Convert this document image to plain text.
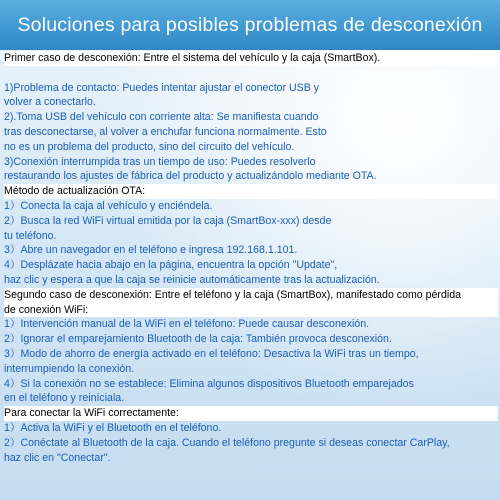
Soluciones para posibles problemas de desconexión
Primer caso de desconexión: Entre el sistema del vehículo y la caja (SmartBox).
1)Problema de contacto: Puedes intentar ajustar el conector USB y
volver a conectarlo.
2).Toma USB del vehículo con corriente alta: Se manifiesta cuando
tras desconectarse, al volver a enchufar funciona normalmente. Esto
no es un problema del producto, sino del circuito del vehículo.
3)Conexión interrumpida tras un tiempo de uso: Puedes resolverlo
restaurando los ajustes de fábrica del producto y actualizándolo mediante OTA.
Método de actualización OTA:
1）Conecta la caja al vehículo y enciéndela.
2）Busca la red WiFi virtual emitida por la caja (SmartBox-xxx) desde
tu teléfono.
3）Abre un navegador en el teléfono e ingresa 192.168.1.101.
4）Desplázate hacia abajo en la página, encuentra la opción "Update",
haz clic y espera a que la caja se reinicie automáticamente tras la actualización.
Segundo caso de desconexión: Entre el teléfono y la caja (SmartBox), manifestado como pérdida
de conexión WiFi:
1）Intervención manual de la WiFi en el teléfono: Puede causar desconexión.
2）Ignorar el emparejamiento Bluetooth de la caja: También provoca desconexión.
3）Modo de ahorro de energía activado en el teléfono: Desactiva la WiFi tras un tiempo,
interrumpiendo la conexión.
4）Si la conexión no se establece: Elimina algunos dispositivos Bluetooth emparejados
en el teléfono y reiníciala.
Para conectar la WiFi correctamente:
1）Activa la WiFi y el Bluetooth en el teléfono.
2）Conéctate al Bluetooth de la caja. Cuando el teléfono pregunte si deseas conectar CarPlay,
haz clic en "Conectar".
